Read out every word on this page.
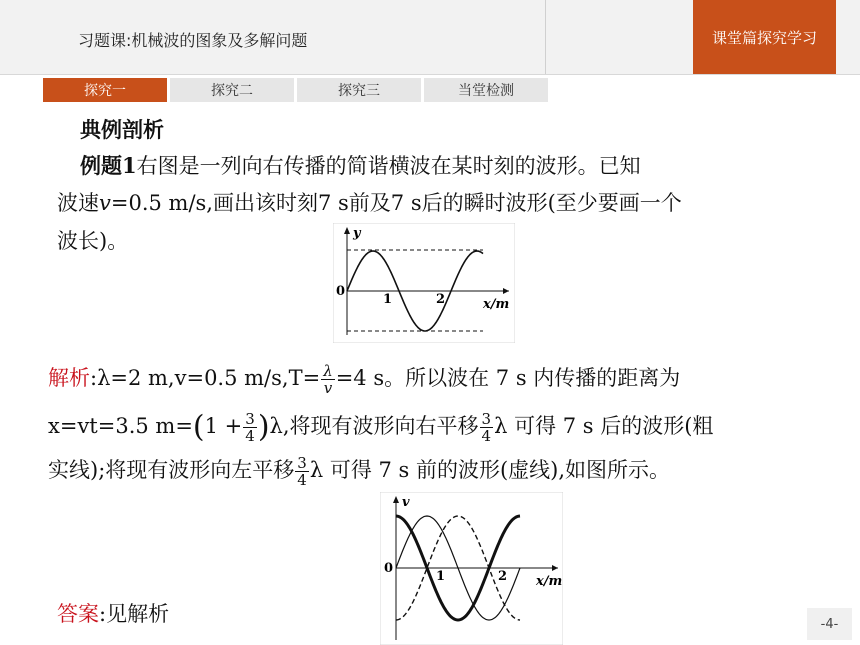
习题课:机械波的图象及多解问题	课堂篇探究学习
探究一	探究二	探究三	当堂检测
典例剖析
例题1右图是一列向右传播的简谐横波在某时刻的波形。已知
波速v=0.5 m/s,画出该时刻7 s前及7 s后的瞬时波形(至少要画一个
波长)。	y
0
1	2	x/m
解析:λ=2 m,v=0.5 $m/s,T= \frac{\lambda}{v} =4$ s。所以波在 7 s 内传播的距离为
x=vt=3.5 $m=(1 + \frac{3}{4} )\lambda$,将现有波形向右平移 $\frac{3}{4}$ λ 可得 7 s 后的波形(粗
实线);将现有波形向左平移 $\frac{3}{4}$ λ 可得 7 s 前的波形(虚线),如图所示。
v
0
1	2 x/m
答案:见解析	-4-
